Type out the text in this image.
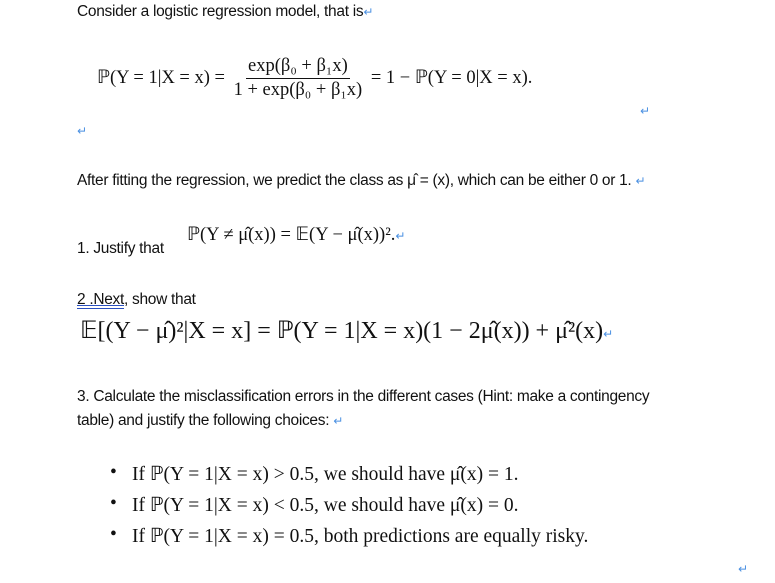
Consider a logistic regression model, that is↵
ℙ(Y = $1|X = x) = \frac{\text{exp(β₀ + β₁x)}}{\text{1 + exp(β₀ + β₁x)}} = 1$ − ℙ(Y = 0|X = x).
↵
↵
After fitting the regression, we predict the class as μ̂ = (x), which can be either 0 or 1. ↵
1. Justify that
ℙ(Y ≠ μ̂(x)) = 𝔼(Y − μ̂(x))².↵
2 .Next, show that
𝔼[(Y − μ̂)²|X = x] = ℙ(Y = 1|X = x)(1 − 2μ̂(x)) + μ̂²(x)↵
3. Calculate the misclassification errors in the different cases (Hint: make a contingency
table) and justify the following choices: ↵
• If ℙ(Y = 1|X = x) > 0.5, we should have μ̂(x) = 1.
• If ℙ(Y = 1|X = x) < 0.5, we should have μ̂(x) = 0.
• If ℙ(Y = 1|X = x) = 0.5, both predictions are equally risky.
↵
